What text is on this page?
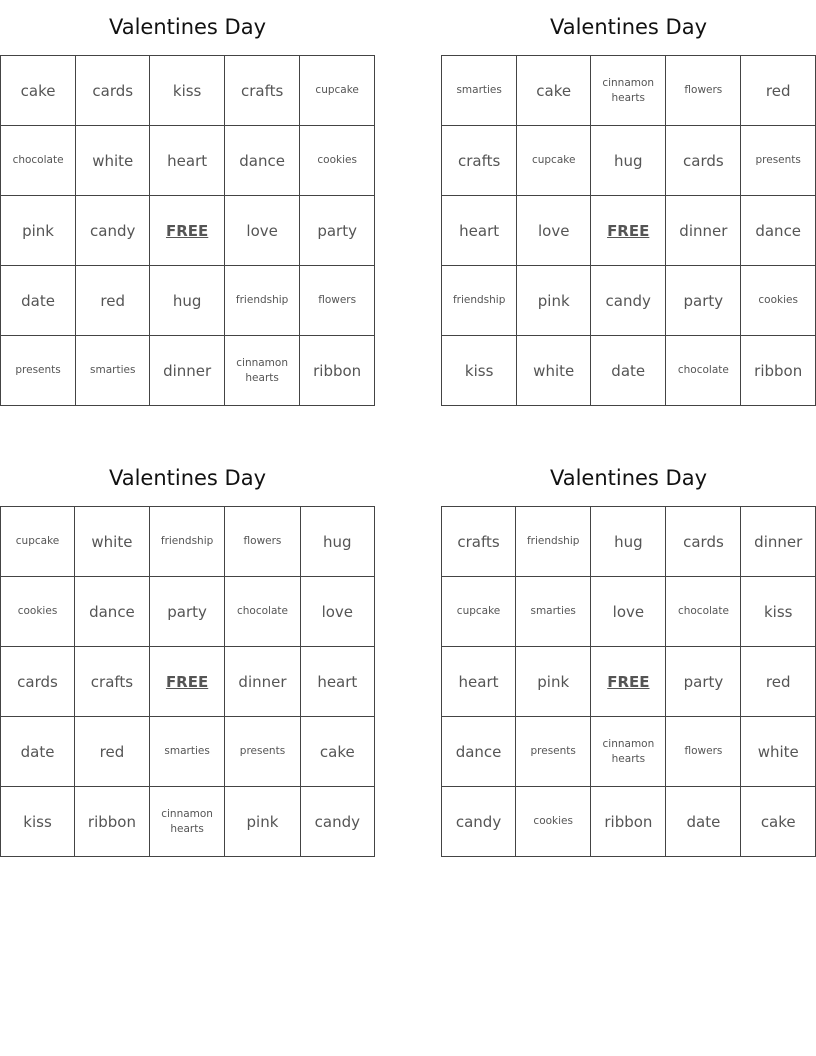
Valentines Day
cake	cards	kiss	crafts	cupcake
chocolate	white	heart	dance	cookies
pink	candy	FREE	love	party
date	red	hug	friendship	flowers
presents	smarties	dinner	cinnamon hearts	ribbon
Valentines Day
smarties	cake	cinnamon hearts	flowers	red
crafts	cupcake	hug	cards	presents
heart	love	FREE	dinner	dance
friendship	pink	candy	party	cookies
kiss	white	date	chocolate	ribbon
Valentines Day
cupcake	white	friendship	flowers	hug
cookies	dance	party	chocolate	love
cards	crafts	FREE	dinner	heart
date	red	smarties	presents	cake
kiss	ribbon	cinnamon hearts	pink	candy
Valentines Day
crafts	friendship	hug	cards	dinner
cupcake	smarties	love	chocolate	kiss
heart	pink	FREE	party	red
dance	presents	cinnamon hearts	flowers	white
candy	cookies	ribbon	date	cake
